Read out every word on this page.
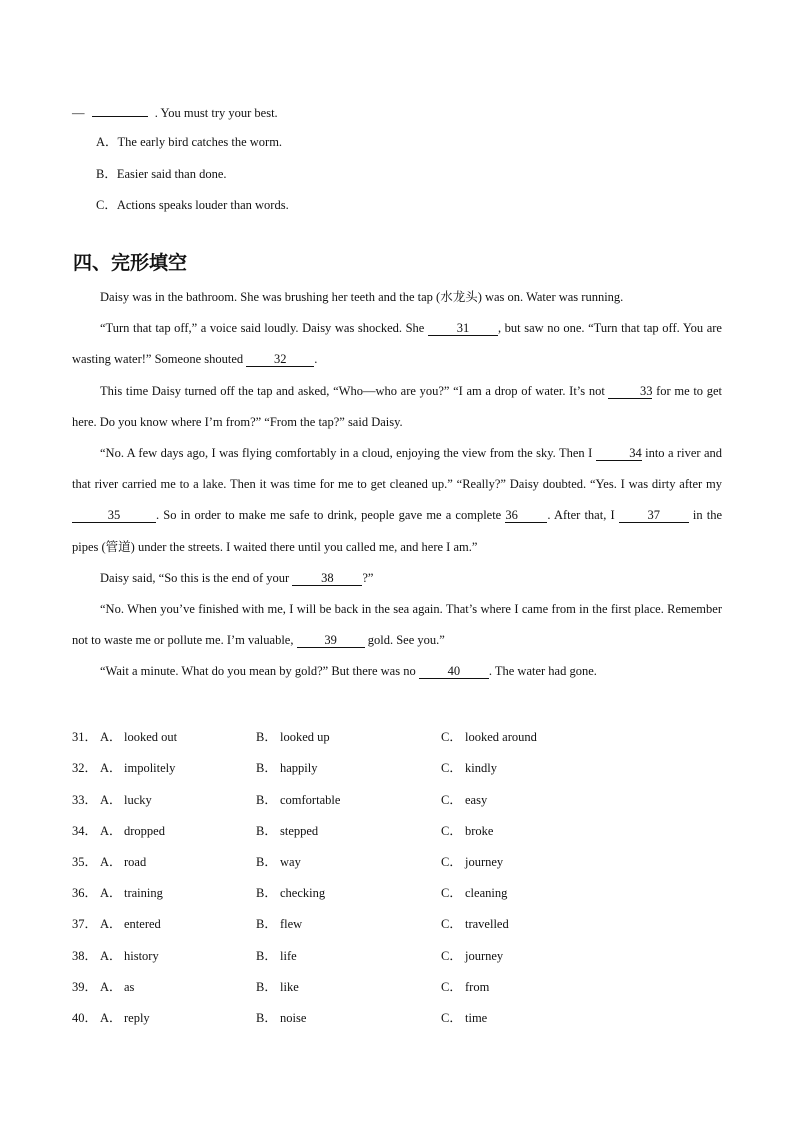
—	. You must try your best.
A．The early bird catches the worm.
B．Easier said than done.
C．Actions speaks louder than words.
四、完形填空
Daisy was in the bathroom. She was brushing her teeth and the tap (水龙头) was on. Water was running.
“Turn that tap off,” a voice said loudly. Daisy was shocked. She 31 , but saw no one. “Turn that tap off. You are wasting water!” Someone shouted 32 .
This time Daisy turned off the tap and asked, “Who—who are you?” “I am a drop of water. It’s not	33 for me to get here. Do you know where I’m from?” “From the tap?” said Daisy.
“No. A few days ago, I was flying comfortably in a cloud, enjoying the view from the sky. Then I	34 into a river and that river carried me to a lake. Then it was time for me to get cleaned up.” “Really?” Daisy doubted. “Yes. I was dirty after my 35	. So in order to make me safe to drink, people gave me a complete 36 . After that, I 37 in the pipes (管道) under the streets. I waited there until you called me, and here I am.”
Daisy said, “So this is the end of your 38 ?”
“No. When you’ve finished with me, I will be back in the sea again. That’s where I came from in the first place. Remember not to waste me or pollute me. I’m valuable, 39 gold. See you.”
“Wait a minute. What do you mean by gold?” But there was no 40 . The water had gone.
31． A． looked out	B． looked up	C． looked around
32． A． impolitely	B． happily	C． kindly
33． A． lucky	B． comfortable	C． easy
34． A． dropped	B． stepped	C． broke
35． A． road	B． way	C． journey
36． A． training	B． checking	C． cleaning
37． A． entered	B． flew	C． travelled
38． A． history	B． life	C． journey
39． A． as	B． like	C． from
40． A． reply	B． noise	C． time
